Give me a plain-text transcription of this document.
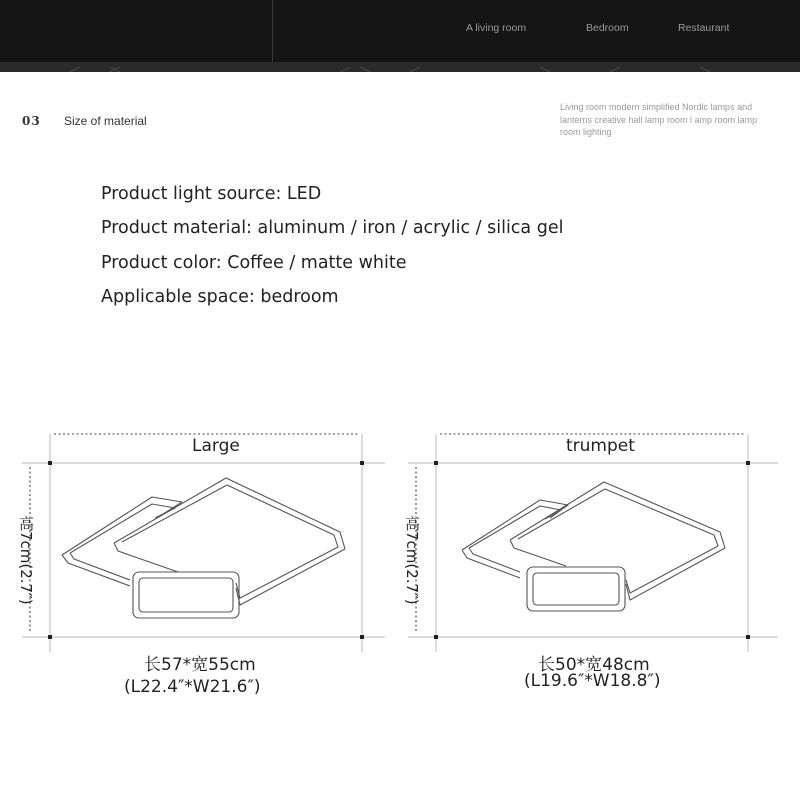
A living room	Bedroom	Restaurant
03 Size of material
Living room modern simplified Nordic lamps and lanterns creative hall lamp room l amp room lamp room lighting
Product light source: LED
Product material: aluminum / iron / acrylic / silica gel
Product color: Coffee / matte white
Applicable space: bedroom
Large
高7cm(2.7″)
长57*宽55cm
(L22.4″*W21.6″)
trumpet
高7cm(2.7″)
长50*宽48cm
(L19.6″*W18.8″)
